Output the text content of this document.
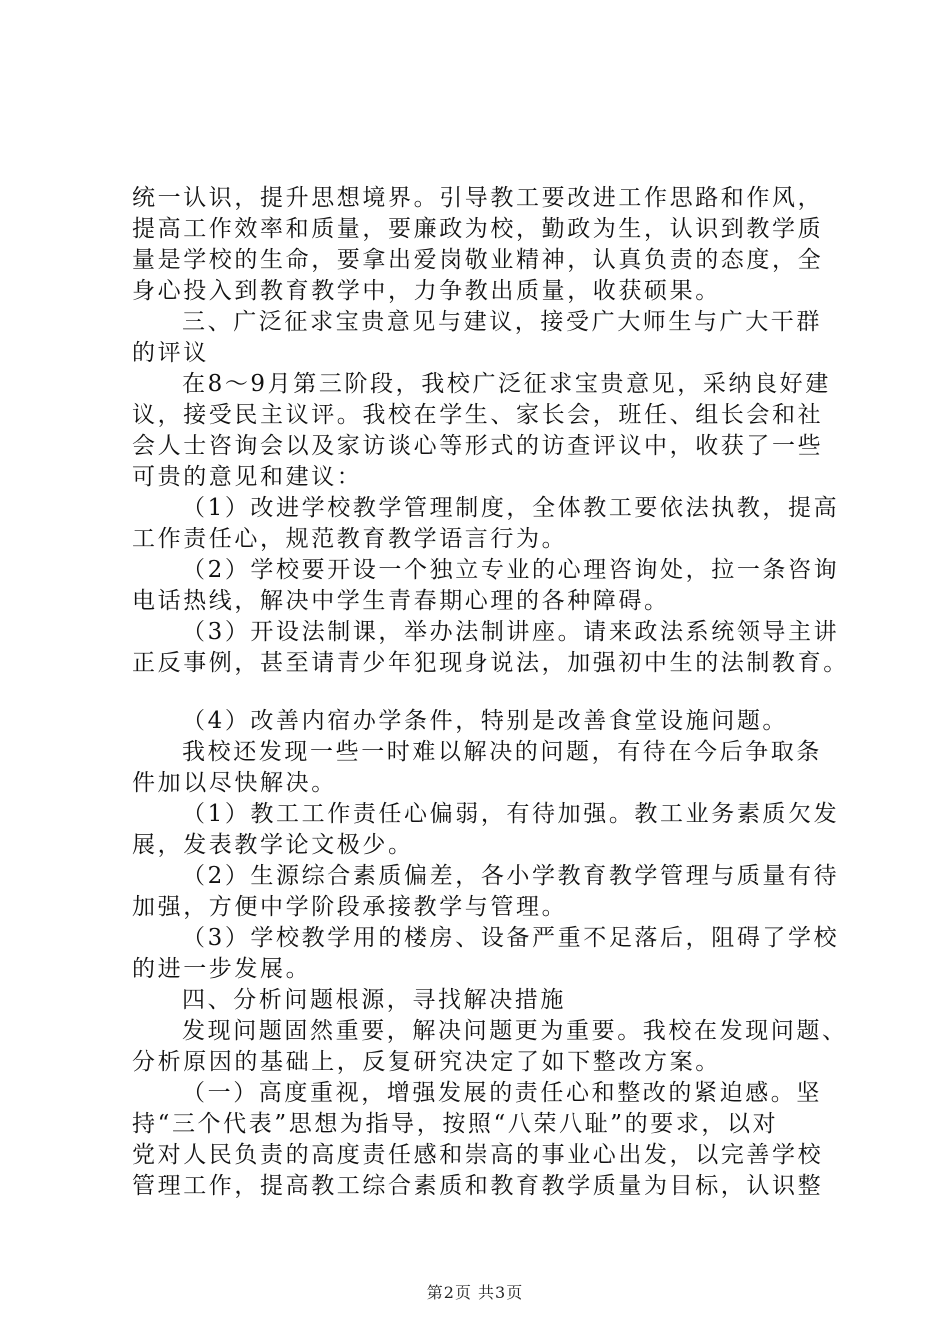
统一认识，提升思想境界。引导教工要改进工作思路和作风，
提高工作效率和质量，要廉政为校，勤政为生，认识到教学质
量是学校的生命，要拿出爱岗敬业精神，认真负责的态度，全
身心投入到教育教学中，力争教出质量，收获硕果。
三、广泛征求宝贵意见与建议，接受广大师生与广大干群
的评议
在8～9月第三阶段，我校广泛征求宝贵意见，采纳良好建
议，接受民主议评。我校在学生、家长会，班任、组长会和社
会人士咨询会以及家访谈心等形式的访查评议中，收获了一些
可贵的意见和建议：
（1）改进学校教学管理制度，全体教工要依法执教，提高
工作责任心，规范教育教学语言行为。
（2）学校要开设一个独立专业的心理咨询处，拉一条咨询
电话热线，解决中学生青春期心理的各种障碍。
（3）开设法制课，举办法制讲座。请来政法系统领导主讲
正反事例，甚至请青少年犯现身说法，加强初中生的法制教育。
（4）改善内宿办学条件，特别是改善食堂设施问题。
我校还发现一些一时难以解决的问题，有待在今后争取条
件加以尽快解决。
（1）教工工作责任心偏弱，有待加强。教工业务素质欠发
展，发表教学论文极少。
（2）生源综合素质偏差，各小学教育教学管理与质量有待
加强，方便中学阶段承接教学与管理。
（3）学校教学用的楼房、设备严重不足落后，阻碍了学校
的进一步发展。
四、分析问题根源，寻找解决措施
发现问题固然重要，解决问题更为重要。我校在发现问题、
分析原因的基础上，反复研究决定了如下整改方案。
（一）高度重视，增强发展的责任心和整改的紧迫感。坚
持“三个代表”思想为指导，按照“八荣八耻”的要求，以对
党对人民负责的高度责任感和崇高的事业心出发，以完善学校
管理工作，提高教工综合素质和教育教学质量为目标，认识整
第2页 共3页
